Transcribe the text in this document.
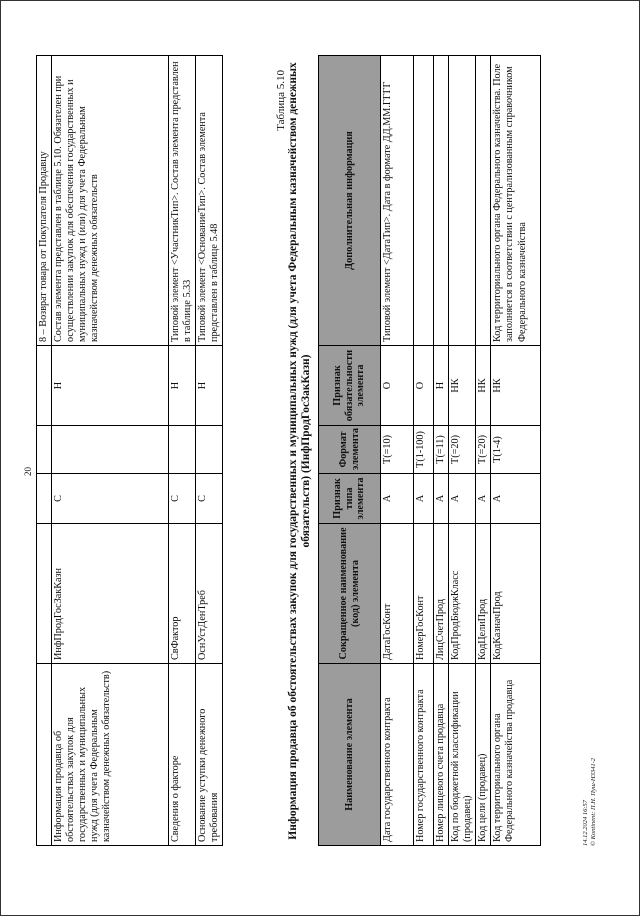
20
					8 – Возврат товара от Покупателя Продавцу
Информация продавца об обстоятельствах закупок для государственных и муниципальных нужд (для учета Федеральным казначейством денежных обязательств)	ИнфПродГосЗакКазн	С		Н	Состав элемента представлен в таблице 5.10. Обязателен при осуществлении закупок для обеспечения государственных и муниципальных нужд и (или) для учета Федеральным казначейством денежных обязательств
Сведения о факторе	СвФактор	С		Н	Типовой элемент <УчастникТип>. Состав элемента представлен в таблице 5.33
Основание уступки денежного требования	ОснУстДенТреб	С		Н	Типовой элемент <ОснованиеТип>. Состав элемента представлен в таблице 5.48
Таблица 5.10 Информация продавца об обстоятельствах закупок для государственных и муниципальных нужд (для учета Федеральным казначейством денежных обязательств) (ИнфПродГосЗакКазн)
Наименование элемента	Сокращенное наименование (код) элемента	Признак типа элемента	Формат элемента	Признак обязательности элемента	Дополнительная информация
Дата государственного контракта	ДатаГосКонт	А	Т(=10)	О	Типовой элемент <ДатаТип>. Дата в формате ДД.ММ.ГГГГ
Номер государственного контракта	НомерГосКонт	А	Т(1-100)	О	
Номер лицевого счета продавца	ЛицСчетПрод	А	Т(=11)	Н	
Код по бюджетной классификации (продавец)	КодПродБюджКласс	А	Т(=20)	НК	
Код цели (продавец)	КодЦелиПрод	А	Т(=20)	НК	
Код территориального органа Федерального казначейства продавца	КодКазначПрод	А	Т(1-4)	НК	Код территориального органа Федерального казначейства. Поле заполняется в соответствии с централизованным справочником Федерального казначейства
14.12.2024 16:57 © Kontinent: П.Н. Пуш-Н3341-2
